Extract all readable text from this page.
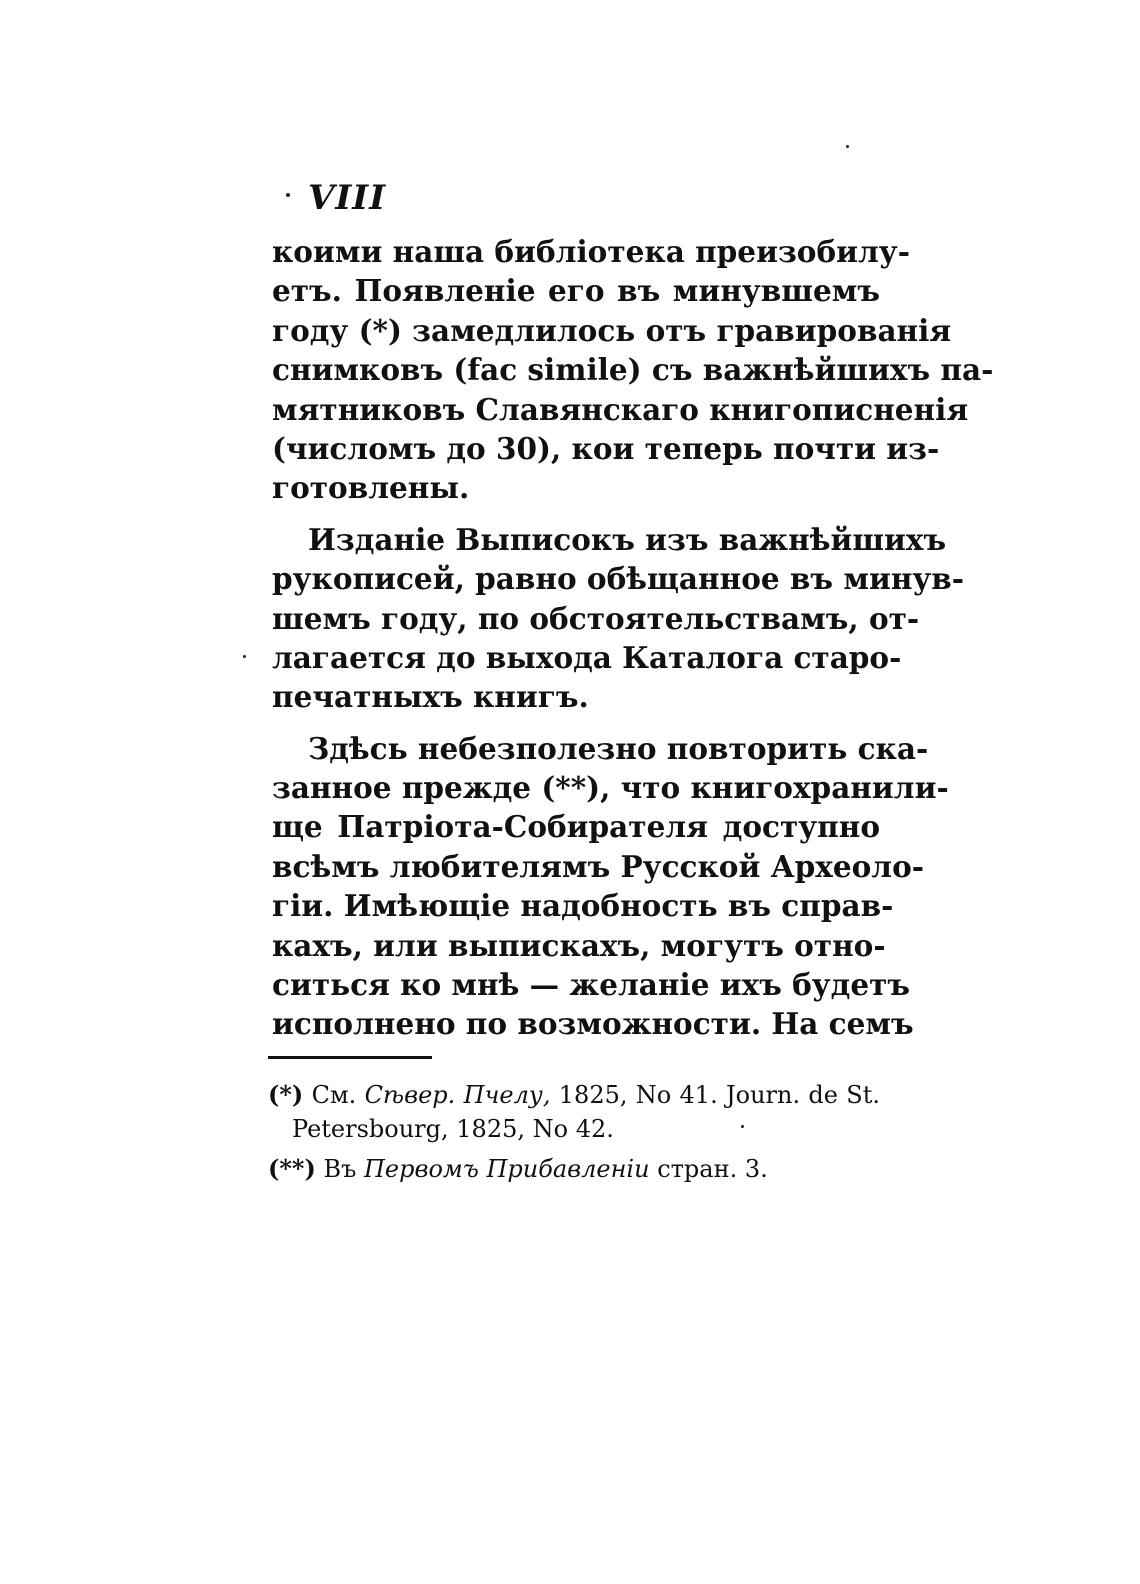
VIII
коими наша библіотека преизобилу-
етъ. Появленіе его въ минувшемъ
году (*) замедлилось отъ гравированія
снимковъ (fac simile) съ важнѣйшихъ па-
мятниковъ Славянскаго книгописненія
(числомъ до 30), кои теперь почти из-
готовлены.
Изданіе Выписокъ изъ важнѣйшихъ
рукописей, равно обѣщанное въ минув-
шемъ году, по обстоятельствамъ, от-
лагается до выхода Каталога старо-
печатныхъ книгъ.
Здѣсь небезполезно повторить ска-
занное прежде (**), что книгохранили-
ще Патріота-Собирателя доступно
всѣмъ любителямъ Русской Археоло-
гіи. Имѣющіе надобность въ справ-
кахъ, или выпискахъ, могутъ отно-
ситься ко мнѣ — желаніе ихъ будетъ
исполнено по возможности. На семъ
(*) См. Сѣвер. Пчелу, 1825, No 41. Journ. de St.
Petersbourg, 1825, No 42.
(**) Въ Первомъ Прибавленіи стран. 3.
